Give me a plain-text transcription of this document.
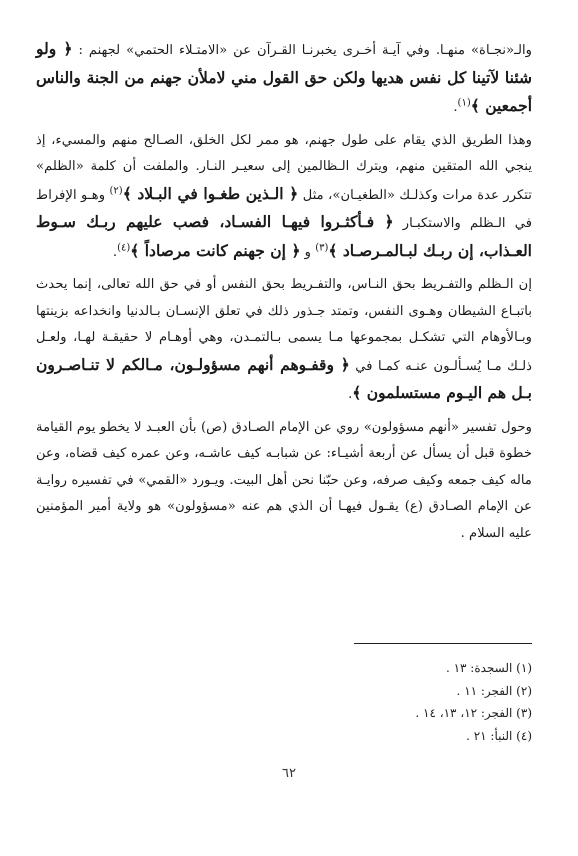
والـ«نجـاة» منهـا. وفي آيـة أخـرى يخبرنـا القـرآن عن «الامتـلاء الحتمي» لجهنم : ﴿ ولو شئنا لآتينا كل نفس هديها ولكن حق القول مني لاملأن جهنم من الجنة والناس أجمعين ﴾$^{(١)}$.

وهذا الطريق الذي يقام على طول جهنم، هو ممر لكل الخلق، الصـالح منهم والمسيء، إذ ينجي الله المتقين منهم، ويترك الـظالمين إلى سعيـر النـار. والملفت أن كلمة «الظلم» تتكرر عدة مرات وكذلـك «الطغيـان»، مثل ﴿ الـذين طغـوا في البـلاد ﴾$^{(٢)}$ وهـو الإفراط في الـظلم والاستكبـار ﴿ فـأكثـروا فيهـا الفسـاد، فصب عليهم ربـك سـوط العـذاب، إن ربـك لبـالمـرصـاد ﴾$^{(٣)}$ و ﴿ إن جهنم كانت مرصاداً ﴾$^{(٤)}$.

إن الـظلم والتفـريط بحق النـاس، والتفـريط بحق النفس أو في حق الله تعالى، إنما يحدث باتبـاع الشيطان وهـوى النفس، وتمتد جـذور ذلك في تعلق الإنسـان بـالدنيا وانخداعه بزينتها وبـالأوهام التي تشكـل بمجموعها مـا يسمى بـالتمـدن، وهي أوهـام لا حقيقـة لهـا، ولعـل ذلـك مـا يُسـألـون عنـه كمـا في ﴿ وقفـوهم أنهم مسؤولـون، مـالكم لا تنـاصـرون بـل هم اليـوم مستسلمون ﴾.

وحول تفسير «أنهم مسؤولون» روي عن الإمام الصـادق (ص) بأن العبـد لا يخطو يوم القيامة خطوة قبل أن يسأل عن أربعة أشيـاء: عن شبابـه كيف عاشـه، وعن عمره كيف قضاه، وعن ماله كيف جمعه وكيف صرفه، وعن حبّنا نحن أهل البيت. ويـورد «القمي» في تفسيره روايـة عن الإمام الصـادق (ع) يقـول فيهـا أن الذي هم عنه «مسؤولون» هو ولاية أمير المؤمنين عليه السلام .

(١) السجدة: ١٣ .
(٢) الفجر: ١١ .
(٣) الفجر: ١٢، ١٣، ١٤ .
(٤) النبأ: ٢١ .
٦٢
